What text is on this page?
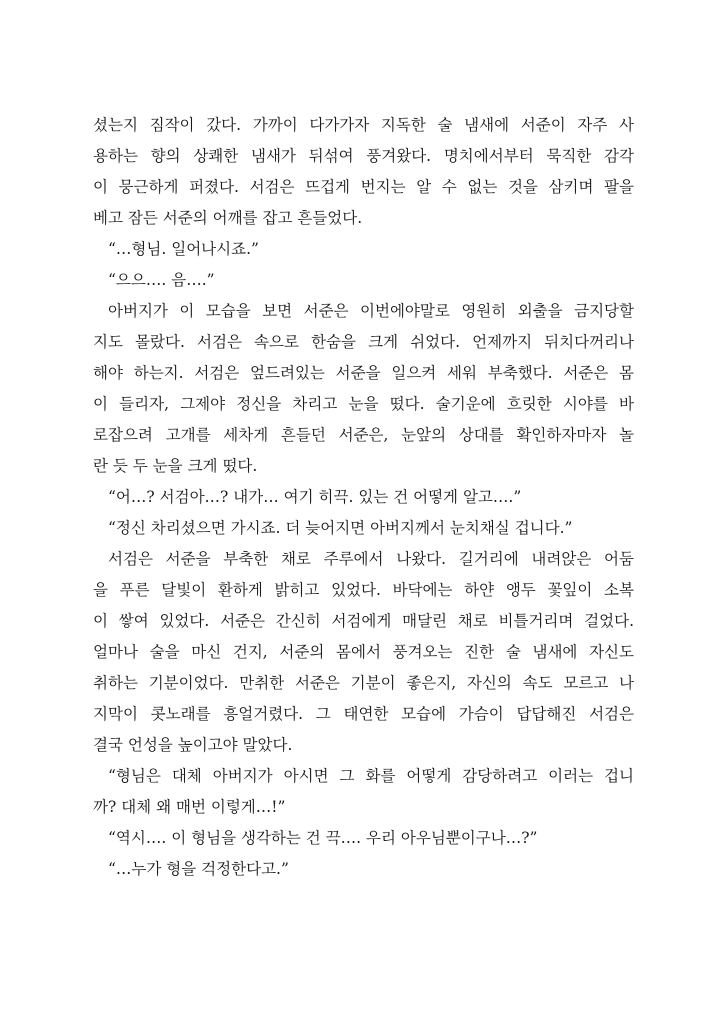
셨는지 짐작이 갔다. 가까이 다가가자 지독한 술 냄새에 서준이 자주 사
용하는 향의 상쾌한 냄새가 뒤섞여 풍겨왔다. 명치에서부터 묵직한 감각
이 뭉근하게 퍼졌다. 서검은 뜨겁게 번지는 알 수 없는 것을 삼키며 팔을
베고 잠든 서준의 어깨를 잡고 흔들었다.
“…형님. 일어나시죠.”
“으으…. 음….”
아버지가 이 모습을 보면 서준은 이번에야말로 영원히 외출을 금지당할
지도 몰랐다. 서검은 속으로 한숨을 크게 쉬었다. 언제까지 뒤치다꺼리나
해야 하는지. 서검은 엎드려있는 서준을 일으켜 세워 부축했다. 서준은 몸
이 들리자, 그제야 정신을 차리고 눈을 떴다. 술기운에 흐릿한 시야를 바
로잡으려 고개를 세차게 흔들던 서준은, 눈앞의 상대를 확인하자마자 놀
란 듯 두 눈을 크게 떴다.
“어…? 서검아…? 내가… 여기 히끅. 있는 건 어떻게 알고….”
“정신 차리셨으면 가시죠. 더 늦어지면 아버지께서 눈치채실 겁니다.”
서검은 서준을 부축한 채로 주루에서 나왔다. 길거리에 내려앉은 어둠
을 푸른 달빛이 환하게 밝히고 있었다. 바닥에는 하얀 앵두 꽃잎이 소복
이 쌓여 있었다. 서준은 간신히 서검에게 매달린 채로 비틀거리며 걸었다.
얼마나 술을 마신 건지, 서준의 몸에서 풍겨오는 진한 술 냄새에 자신도
취하는 기분이었다. 만취한 서준은 기분이 좋은지, 자신의 속도 모르고 나
지막이 콧노래를 흥얼거렸다. 그 태연한 모습에 가슴이 답답해진 서검은
결국 언성을 높이고야 말았다.
“형님은 대체 아버지가 아시면 그 화를 어떻게 감당하려고 이러는 겁니
까? 대체 왜 매번 이렇게…!”
“역시…. 이 형님을 생각하는 건 끅…. 우리 아우님뿐이구나…?”
“…누가 형을 걱정한다고.”
